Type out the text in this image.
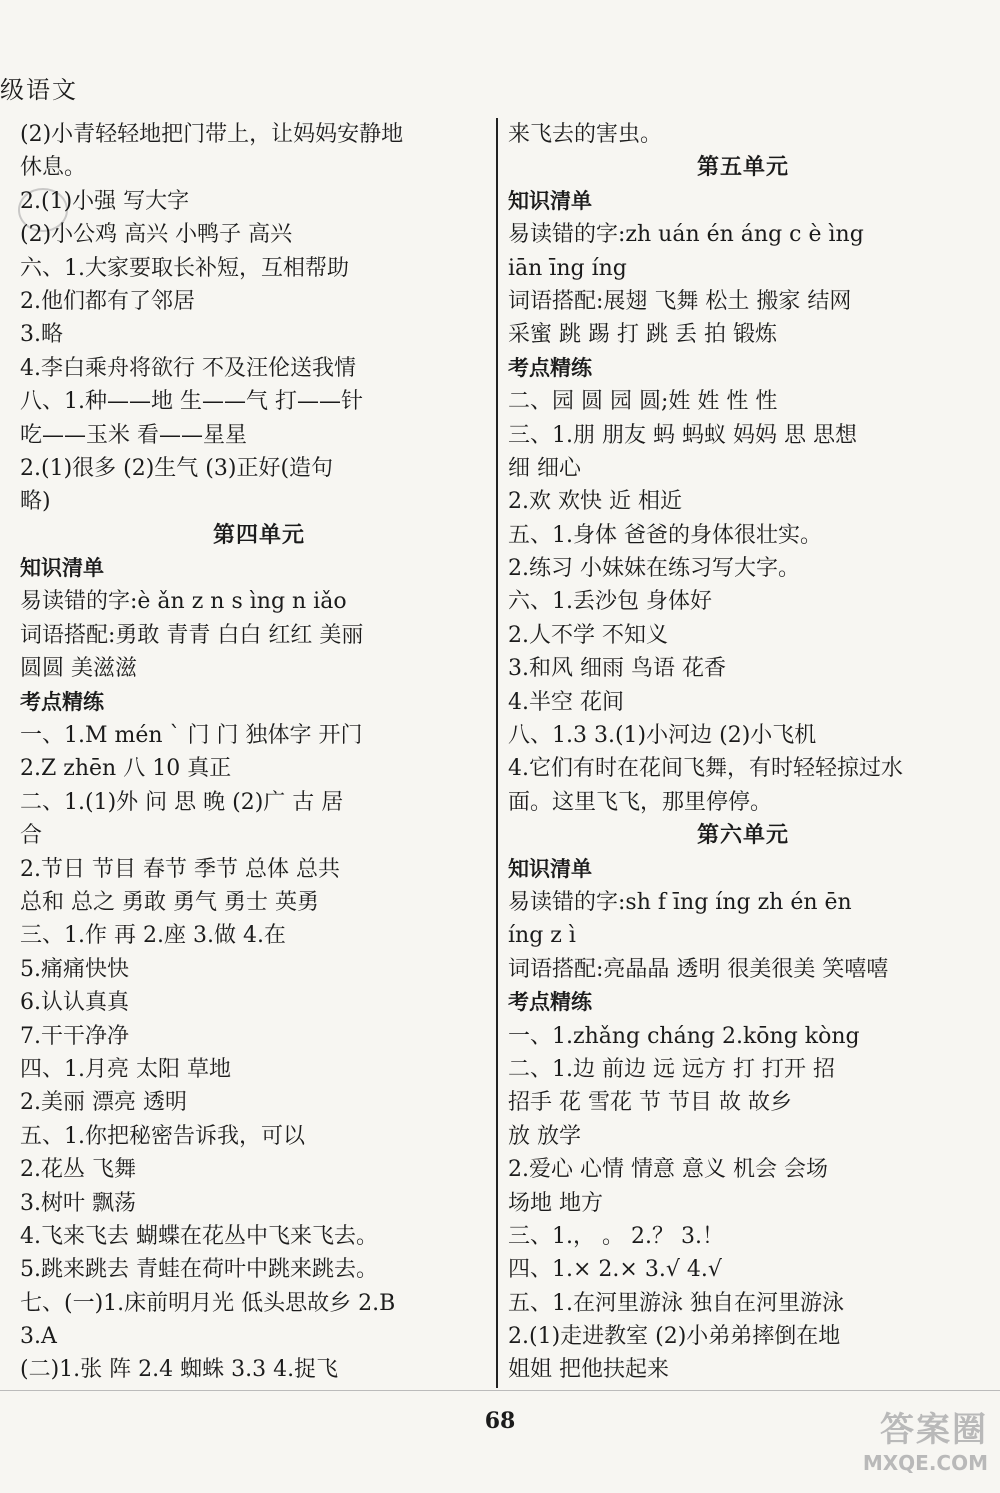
级语文
(2)小青轻轻地把门带上，让妈妈安静地
休息。
2.(1)小强 写大字
(2)小公鸡 高兴 小鸭子 高兴
六、1.大家要取长补短，互相帮助
2.他们都有了邻居
3.略
4.李白乘舟将欲行 不及汪伦送我情
八、1.种——地 生——气 打——针
吃——玉米 看——星星
2.(1)很多 (2)生气 (3)正好(造句
略)
第四单元
知识清单
易读错的字:è ǎn z n s ìng n iǎo
词语搭配:勇敢 青青 白白 红红 美丽
圆圆 美滋滋
考点精练
一、1.M mén ˋ 门 门 独体字 开门
2.Z zhēn 八 10 真正
二、1.(1)外 问 思 晚 (2)广 古 居
合
2.节日 节目 春节 季节 总体 总共
总和 总之 勇敢 勇气 勇士 英勇
三、1.作 再 2.座 3.做 4.在
5.痛痛快快
6.认认真真
7.干干净净
四、1.月亮 太阳 草地
2.美丽 漂亮 透明
五、1.你把秘密告诉我，可以
2.花丛 飞舞
3.树叶 飘荡
4.飞来飞去 蝴蝶在花丛中飞来飞去。
5.跳来跳去 青蛙在荷叶中跳来跳去。
七、(一)1.床前明月光 低头思故乡 2.B
3.A
(二)1.张 阵 2.4 蜘蛛 3.3 4.捉飞
来飞去的害虫。
第五单元
知识清单
易读错的字:zh uán én áng c è ìng
iān īng íng
词语搭配:展翅 飞舞 松土 搬家 结网
采蜜 跳 踢 打 跳 丢 拍 锻炼
考点精练
二、园 圆 园 圆;姓 姓 性 性
三、1.朋 朋友 蚂 蚂蚁 妈妈 思 思想
细 细心
2.欢 欢快 近 相近
五、1.身体 爸爸的身体很壮实。
2.练习 小妹妹在练习写大字。
六、1.丢沙包 身体好
2.人不学 不知义
3.和风 细雨 鸟语 花香
4.半空 花间
八、1.3 3.(1)小河边 (2)小飞机
4.它们有时在花间飞舞，有时轻轻掠过水
面。这里飞飞，那里停停。
第六单元
知识清单
易读错的字:sh f īng íng zh én ēn
íng z ì
词语搭配:亮晶晶 透明 很美很美 笑嘻嘻
考点精练
一、1.zhǎng cháng 2.kōng kòng
二、1.边 前边 远 远方 打 打开 招
招手 花 雪花 节 节目 故 故乡
放 放学
2.爱心 心情 情意 意义 机会 会场
场地 地方
三、1.， 。 2.？ 3.！
四、1.× 2.× 3.√ 4.√
五、1.在河里游泳 独自在河里游泳
2.(1)走进教室 (2)小弟弟摔倒在地
姐姐 把他扶起来
68	答案圈
MXQE.COM
